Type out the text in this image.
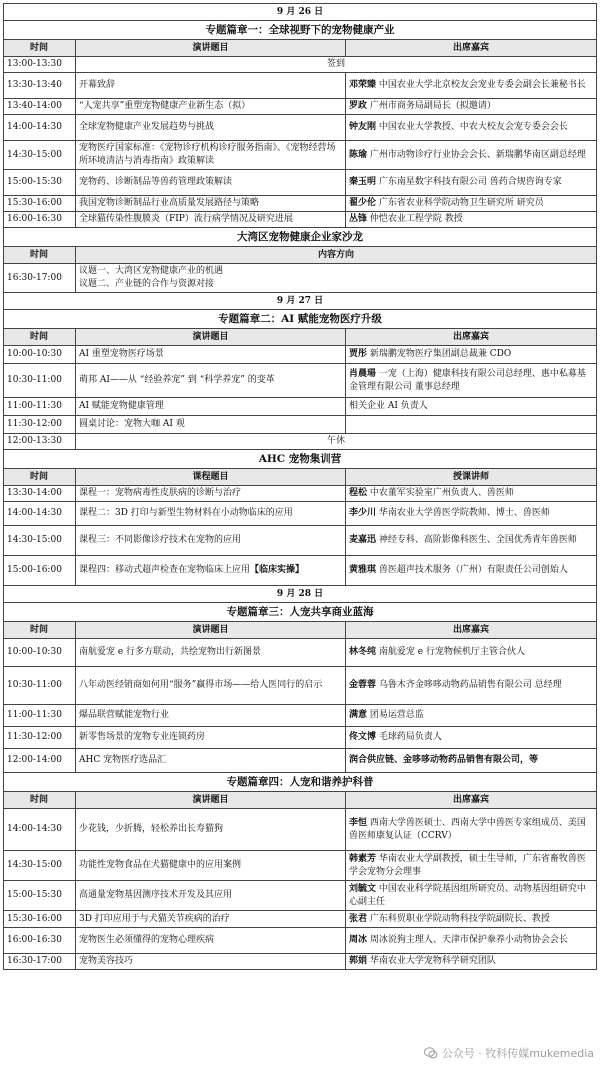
9 月 26 日		
专题篇章一：全球视野下的宠物健康产业		
时间	演讲题目	出席嘉宾
13:00-13:30	签到	
13:30-13:40	开幕致辞	邓荣臻 中国农业大学北京校友会宠业专委会副会长兼秘书长
13:40-14:00	“人宠共享”重塑宠物健康产业新生态（拟）	罗政 广州市商务局副局长（拟邀请）
14:00-14:30	全球宠物健康产业发展趋势与挑战	钟友刚 中国农业大学教授、中农大校友会宠专委会会长
14:30-15:00	宠物医疗国家标准：《宠物诊疗机构诊疗服务指南》、《宠物经营场所环境清洁与消毒指南》政策解读	陈瑜 广州市动物诊疗行业协会会长、新瑞鹏华南区副总经理
15:00-15:30	宠物药、诊断制品等兽药管理政策解读	秦玉明 广东南星数字科技有限公司 兽药合规咨询专家
15:30-16:00	我国宠物诊断制品行业高质量发展路径与策略	翟少伦 广东省农业科学院动物卫生研究所 研究员
16:00-16:30	全球猫传染性腹膜炎（FIP）流行病学情况及研究进展	丛锋 仲恺农业工程学院 教授
大湾区宠物健康企业家沙龙		
时间	内容方向	
16:30-17:00	议题一、大湾区宠物健康产业的机遇
议题二、产业链的合作与资源对接	

9 月 27 日		
专题篇章二：AI 赋能宠物医疗升级		
时间	演讲题目	出席嘉宾
10:00-10:30	AI 重塑宠物医疗场景	贾彤 新瑞鹏宠物医疗集团副总裁兼 CDO
10:30-11:00	萌邦 AI——从 “经验养宠” 到 “科学养宠” 的变革	肖晨瑒 一宠（上海）健康科技有限公司总经理、惠中私募基金管理有限公司 董事总经理
11:00-11:30	AI 赋能宠物健康管理	相关企业 AI 负责人
11:30-12:00	圆桌讨论：宠物大咖 AI 观	
12:00-13:30	午休	
AHC 宠物集训营		
时间	课程题目	授课讲师
13:30-14:00	课程一：宠物病毒性皮肤病的诊断与治疗	程松 中农董军实验室广州负责人、兽医师
14:00-14:30	课程二：3D 打印与新型生物材料在小动物临床的应用	李少川 华南农业大学兽医学院教师、博士、兽医师
14:30-15:00	课程三：不同影像诊疗技术在宠物的应用	麦嘉迅 神经专科、高阶影像科医生、全国优秀青年兽医师
15:00-16:00	课程四：移动式超声检查在宠物临床上应用【临床实操】	黄雅琪 兽医超声技术服务（广州）有限责任公司创始人
9 月 28 日		
专题篇章三：人宠共享商业蓝海		
时间	演讲题目	出席嘉宾
10:00-10:30	南航爱宠 e 行多方联动，共绘宠物出行新图景	林冬纯 南航爱宠 e 行宠物候机厅主管合伙人
10:30-11:00	八年动医经销商如何用“服务”赢得市场——给人医同行的启示	金蓉蓉 乌鲁木齐金哆哆动物药品销售有限公司 总经理
11:00-11:30	爆品联营赋能宠物行业	满意 团易运营总监
11:30-12:00	新零售场景的宠物专业连锁药房	佟文博 毛球药局负责人
12:00-14:00	AHC 宠物医疗选品汇	润合供应链、金哆哆动物药品销售有限公司，等
专题篇章四：人宠和谐养护科普		
时间	演讲题目	出席嘉宾
14:00-14:30	少花钱，少折腾，轻松养出长寿猫狗	李恒 西南大学兽医硕士、西南大学中兽医专家组成员、美国兽医师康复认证（CCRV）
14:30-15:00	功能性宠物食品在犬猫健康中的应用案例	韩素芳 华南农业大学副教授，硕士生导师，广东省畜牧兽医学会宠物分会理事
15:00-15:30	高通量宠物基因测序技术开发及其应用	刘毓文 中国农业科学院基因组所研究员、动物基因组研究中心副主任
15:30-16:00	3D 打印应用于与犬猫关节疾病的治疗	张君 广东科贸职业学院动物科技学院副院长、教授
16:00-16:30	宠物医生必须懂得的宠物心理疾病	周冰 周冰说狗主理人、天津市保护豢养小动物协会会长
16:30-17:00	宠物美容技巧	郭娟 华南农业大学宠物科学研究团队
公众号 · 牧科传媒mukemedia
